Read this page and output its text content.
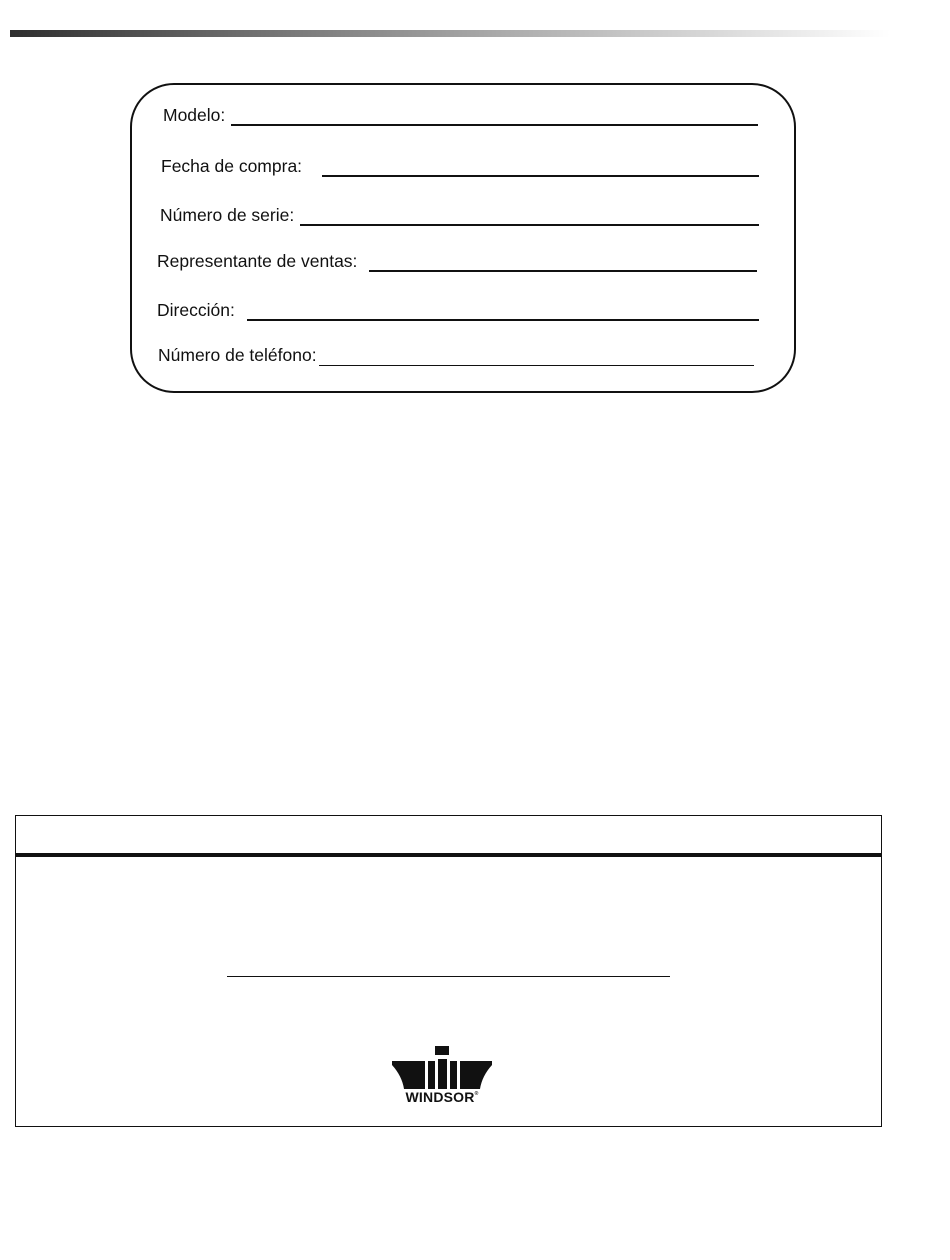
Modelo:
Fecha de compra:
Número de serie:
Representante de ventas:
Dirección:
Número de teléfono:
WINDSOR®
